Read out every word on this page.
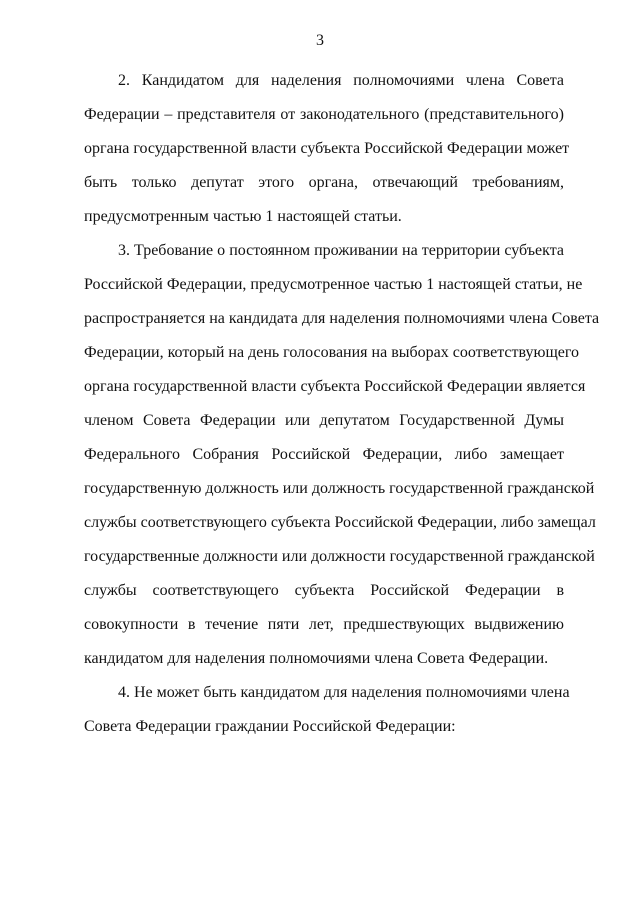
3
2. Кандидатом для наделения полномочиями члена Совета
Федерации – представителя от законодательного (представительного)
органа государственной власти субъекта Российской Федерации может
быть только депутат этого органа, отвечающий требованиям,
предусмотренным частью 1 настоящей статьи.
3. Требование о постоянном проживании на территории субъекта
Российской Федерации, предусмотренное частью 1 настоящей статьи, не
распространяется на кандидата для наделения полномочиями члена Совета
Федерации, который на день голосования на выборах соответствующего
органа государственной власти субъекта Российской Федерации является
членом Совета Федерации или депутатом Государственной Думы
Федерального Собрания Российской Федерации, либо замещает
государственную должность или должность государственной гражданской
службы соответствующего субъекта Российской Федерации, либо замещал
государственные должности или должности государственной гражданской
службы соответствующего субъекта Российской Федерации в
совокупности в течение пяти лет, предшествующих выдвижению
кандидатом для наделения полномочиями члена Совета Федерации.
4. Не может быть кандидатом для наделения полномочиями члена
Совета Федерации граждании Российской Федерации:
